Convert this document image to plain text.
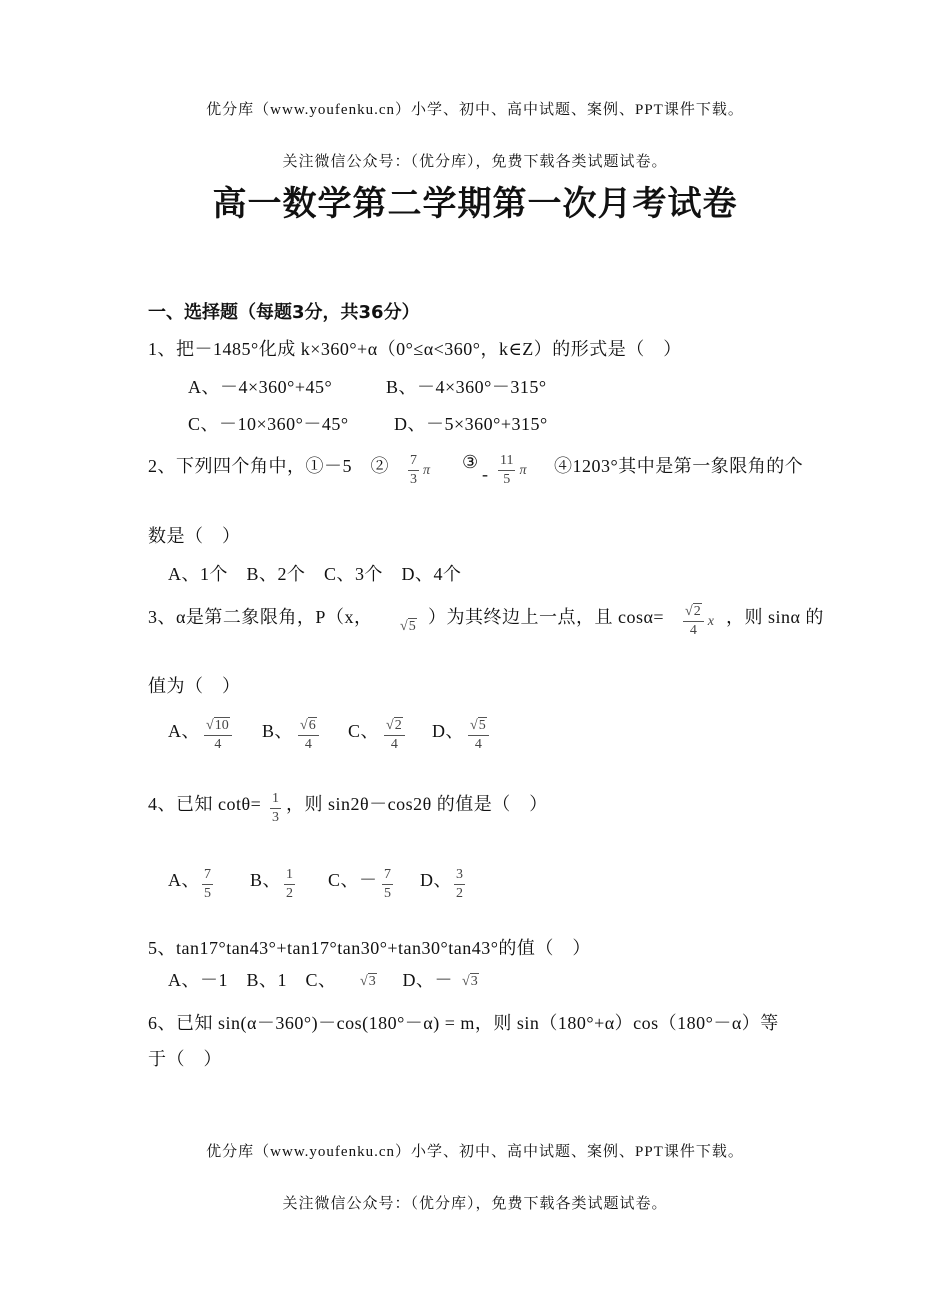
优分库（www.youfenku.cn）小学、初中、高中试题、案例、PPT课件下载。
关注微信公众号：（优分库），免费下载各类试题试卷。
高一数学第二学期第一次月考试卷
一、选择题（每题3分，共36分）
1、把－1485°化成 k×360°+α（0°≤α<360°，k∈Z）的形式是（　）
A、－4×360°+45°	B、－4×360°－315°
C、－10×360°－45°	D、－5×360°+315°
2、下列四个角中，①－5　② $\frac{7}{3}$ π ③
- $\frac{11}{5}$ π ④1203°其中是第一象限角的个
数是（　）
A、1个　B、2个　C、3个　D、4个
3、α是第二象限角，P（x， √5 ）为其终边上一点，且 $\cos\alpha= \frac{√2}{4}$ x ，则 sinα 的
值为（　）
A、 $\frac{√10}{4}$ B、 $\frac{√6}{4}$ C、 $\frac{√2}{4}$ D、 $\frac{√5}{4}$
4、已知 $\cot\theta= \frac{1}{3}$ ，则 sin2θ－cos2θ 的值是（　）
A、 $\frac{7}{5}$ B、 $\frac{1}{2}$ C、－ $\frac{7}{5}$ D、 $\frac{3}{2}$
5、tan17°tan43°+tan17°tan30°+tan30°tan43°的值（　）
A、－1　B、1　C、 √3 　D、－ √3
6、已知 sin(α－360°)－cos(180°－α) = m，则 sin（180°+α）cos（180°－α）等
于（　）
优分库（www.youfenku.cn）小学、初中、高中试题、案例、PPT课件下载。
关注微信公众号：（优分库），免费下载各类试题试卷。
